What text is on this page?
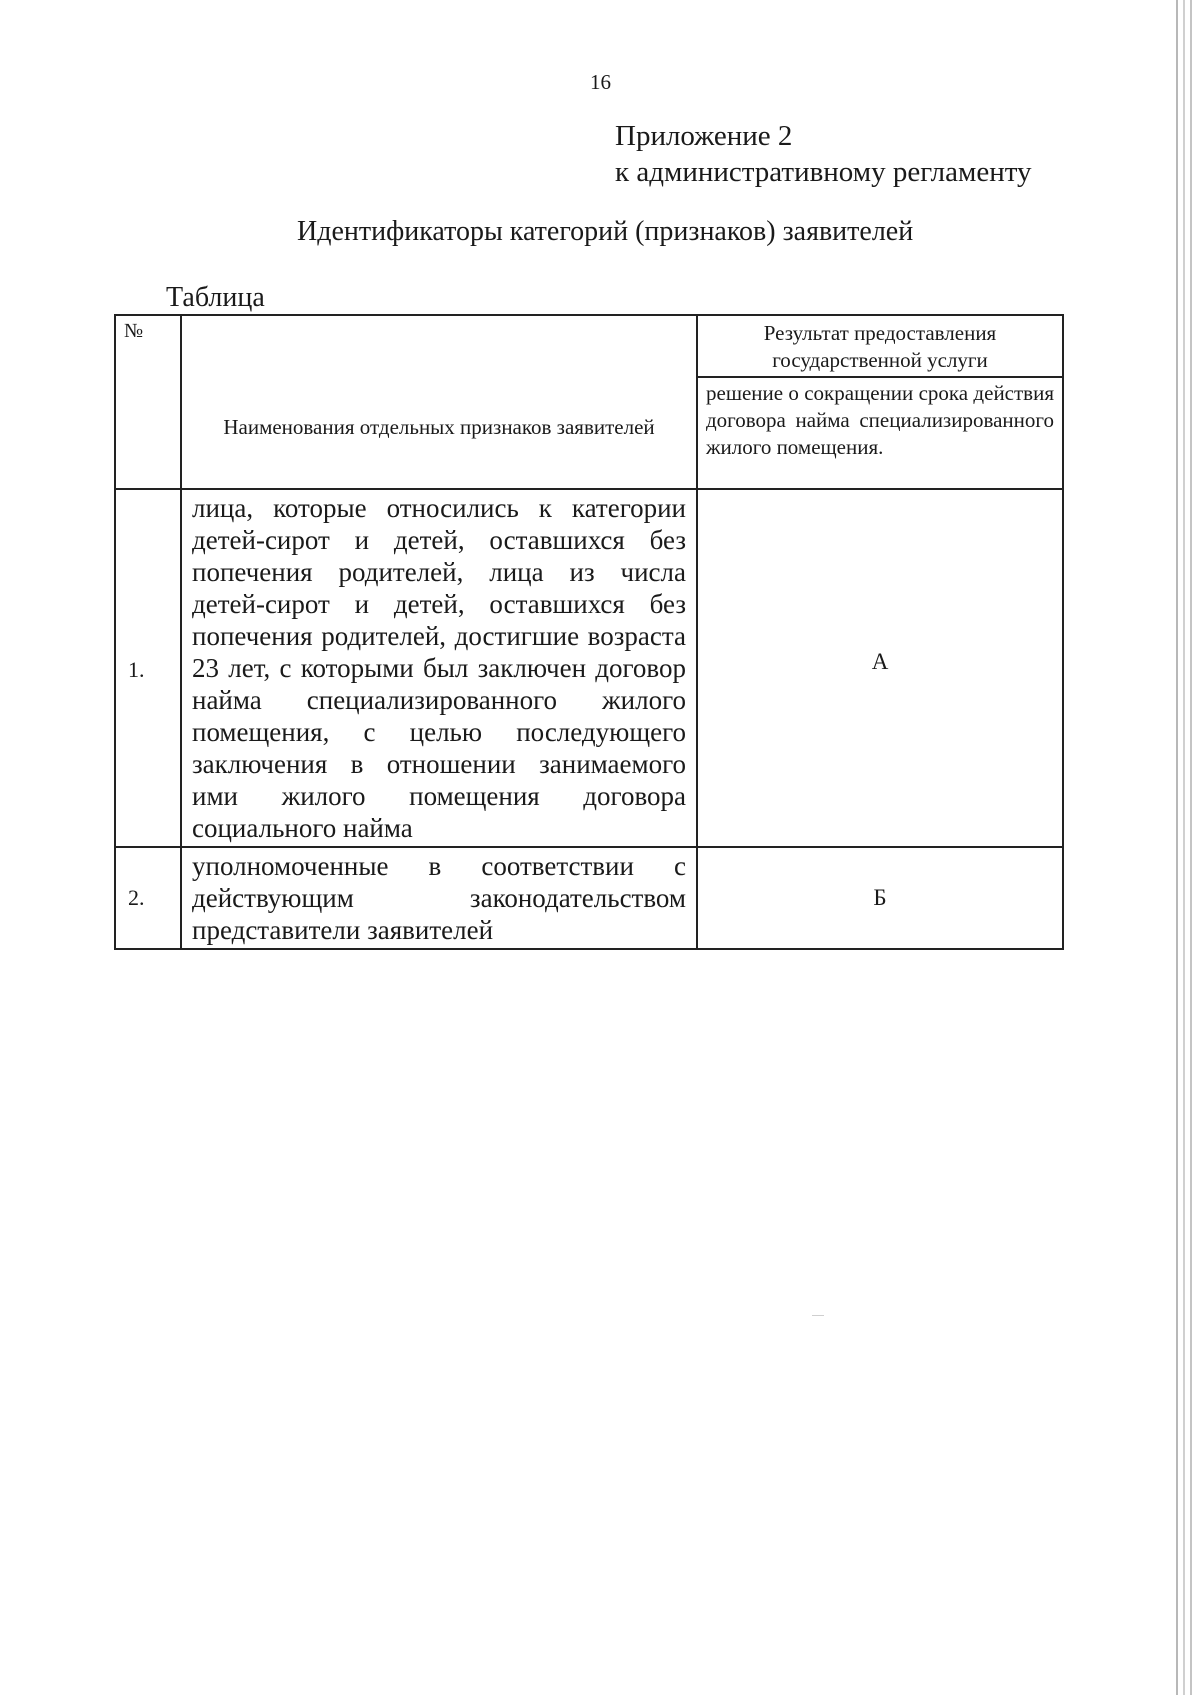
16
Приложение 2
к административному регламенту
Идентификаторы категорий (признаков) заявителей
Таблица
№	Наименования отдельных признаков заявителей	Результат предоставления государственной услуги
		решение о сокращении срока действия договора найма специализированного жилого помещения.
1.	лица, которые относились к категории детей-сирот и детей, оставшихся без попечения родителей, лица из числа детей-сирот и детей, оставшихся без попечения родителей, достигшие возраста 23 лет, с которыми был заключен договор найма специализированного жилого помещения, с целью последующего заключения в отношении занимаемого ими жилого помещения договора социального найма	А
2.	уполномоченные в соответствии с действующим законодательством представители заявителей	Б
